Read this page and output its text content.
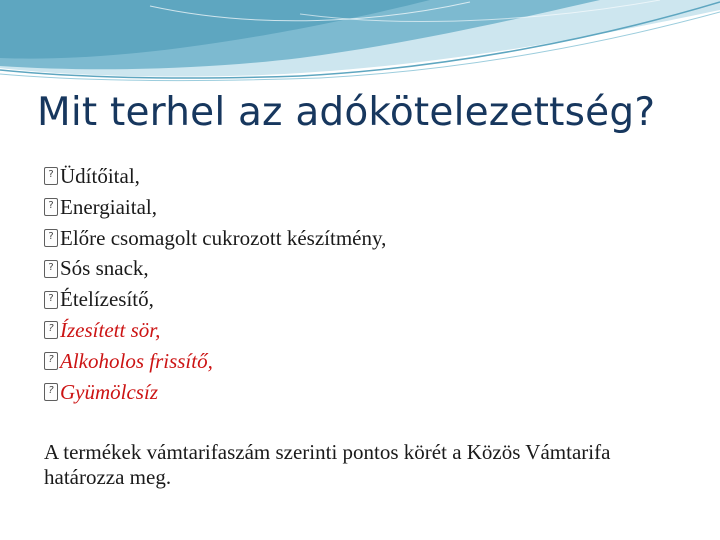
Mit terhel az adókötelezettség?
?
Üdítőital,
?
Energiaital,
?
Előre csomagolt cukrozott készítmény,
?
Sós snack,
?
Ételízesítő,
?
Ízesített sör,
?
Alkoholos frissítő,
?
Gyümölcsíz
A termékek vámtarifaszám szerinti pontos körét a Közös Vámtarifa határozza meg.
